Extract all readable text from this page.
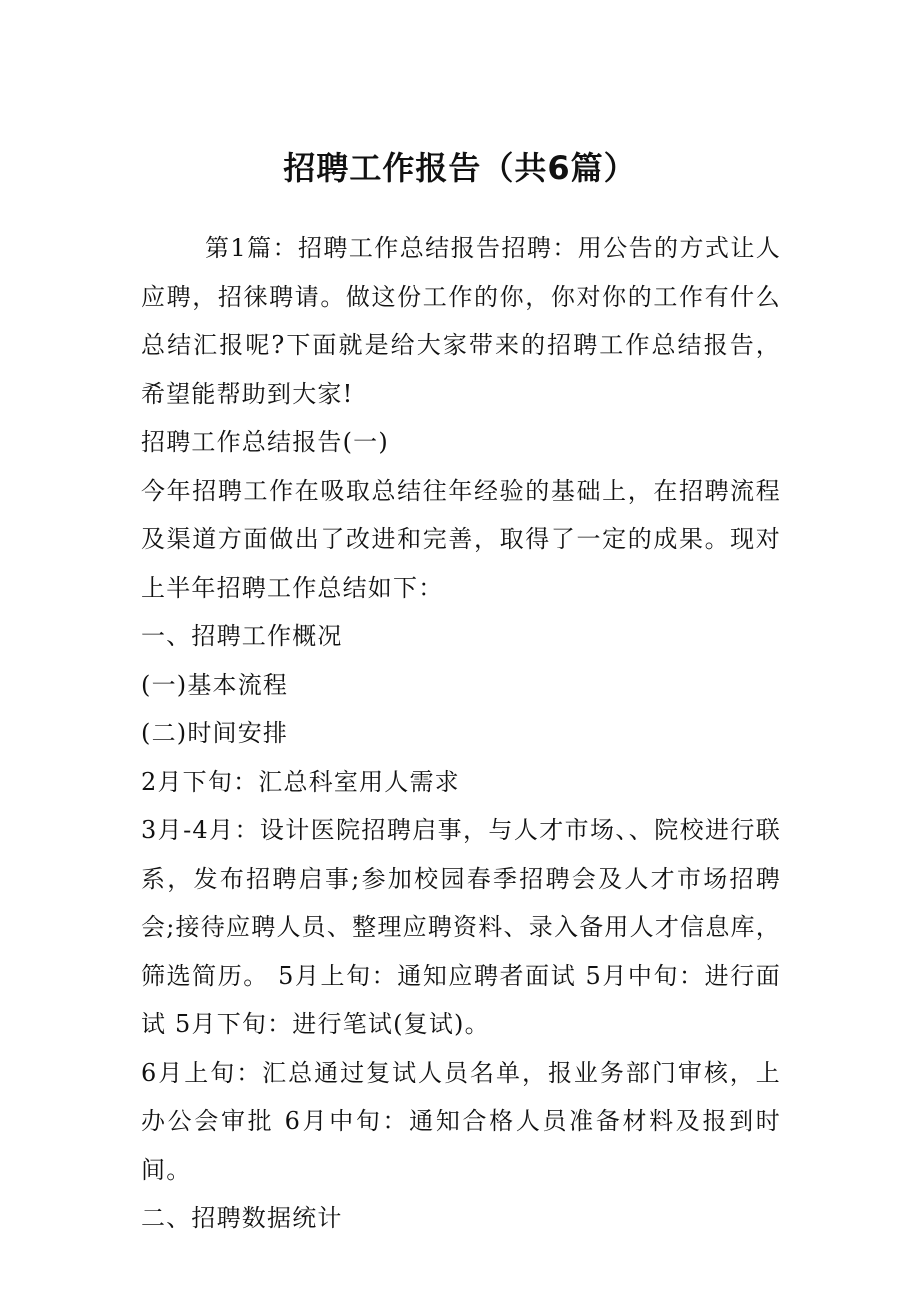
招聘工作报告（共6篇）

第1篇：招聘工作总结报告招聘：用公告的方式让人应聘，招徕聘请。做这份工作的你，你对你的工作有什么总结汇报呢?下面就是给大家带来的招聘工作总结报告，希望能帮助到大家!

招聘工作总结报告(一)

今年招聘工作在吸取总结往年经验的基础上，在招聘流程及渠道方面做出了改进和完善，取得了一定的成果。现对上半年招聘工作总结如下：

一、招聘工作概况

(一)基本流程

(二)时间安排

2月下旬：汇总科室用人需求

3月-4月：设计医院招聘启事，与人才市场、、院校进行联系，发布招聘启事;参加校园春季招聘会及人才市场招聘会;接待应聘人员、整理应聘资料、录入备用人才信息库，筛选简历。 5月上旬：通知应聘者面试 5月中旬：进行面试 5月下旬：进行笔试(复试)。

6月上旬：汇总通过复试人员名单，报业务部门审核，上办公会审批 6月中旬：通知合格人员准备材料及报到时间。

二、招聘数据统计
